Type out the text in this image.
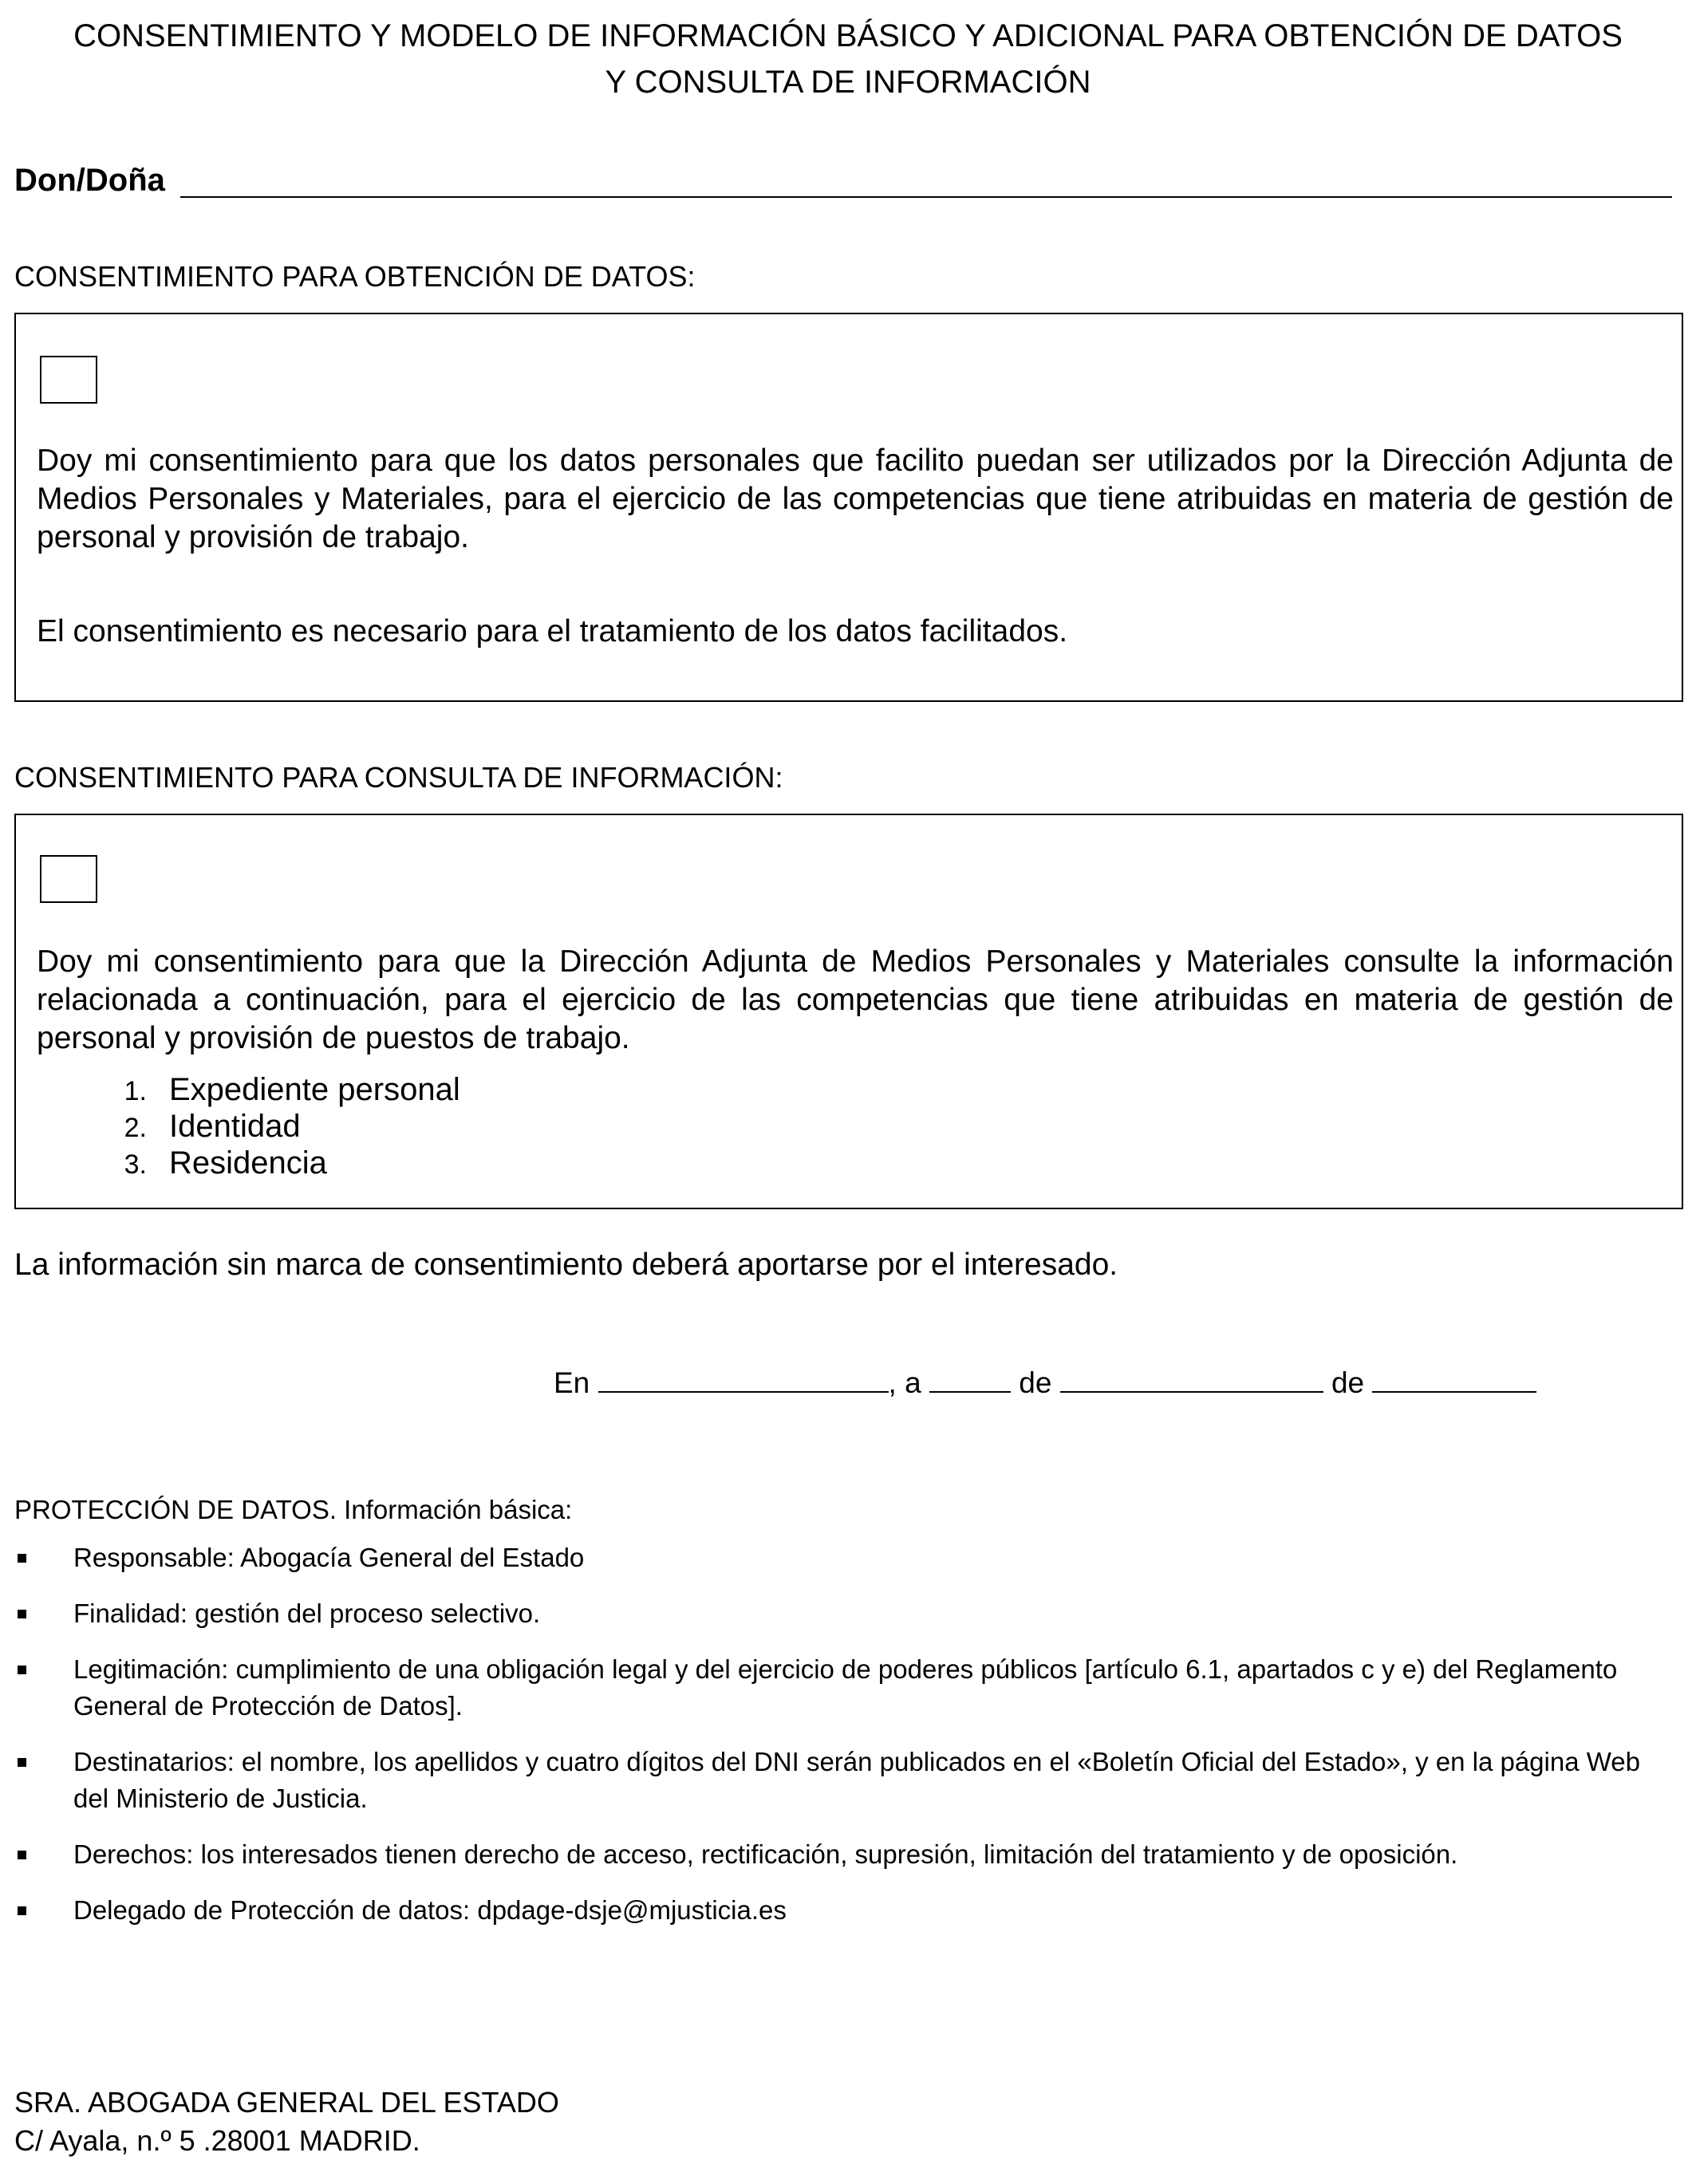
CONSENTIMIENTO Y MODELO DE INFORMACIÓN BÁSICO Y ADICIONAL PARA OBTENCIÓN DE DATOS
Y CONSULTA DE INFORMACIÓN
Don/Doña
CONSENTIMIENTO PARA OBTENCIÓN DE DATOS:
Doy mi consentimiento para que los datos personales que facilito puedan ser utilizados por la Dirección Adjunta de Medios Personales y Materiales, para el ejercicio de las competencias que tiene atribuidas en materia de gestión de personal y provisión de trabajo.
El consentimiento es necesario para el tratamiento de los datos facilitados.
CONSENTIMIENTO PARA CONSULTA DE INFORMACIÓN:
Doy mi consentimiento para que la Dirección Adjunta de Medios Personales y Materiales consulte la información relacionada a continuación, para el ejercicio de las competencias que tiene atribuidas en materia de gestión de personal y provisión de puestos de trabajo.
1. Expediente personal
2. Identidad
3. Residencia
La información sin marca de consentimiento deberá aportarse por el interesado.
En	, a	de	de
PROTECCIÓN DE DATOS. Información básica:
Responsable: Abogacía General del Estado
Finalidad: gestión del proceso selectivo.
Legitimación: cumplimiento de una obligación legal y del ejercicio de poderes públicos [artículo 6.1, apartados c y e) del Reglamento General de Protección de Datos].
Destinatarios: el nombre, los apellidos y cuatro dígitos del DNI serán publicados en el «Boletín Oficial del Estado», y en la página Web del Ministerio de Justicia.
Derechos: los interesados tienen derecho de acceso, rectificación, supresión, limitación del tratamiento y de oposición.
Delegado de Protección de datos: dpdage-dsje@mjusticia.es
SRA. ABOGADA GENERAL DEL ESTADO
C/ Ayala, n.º 5 .28001 MADRID.
